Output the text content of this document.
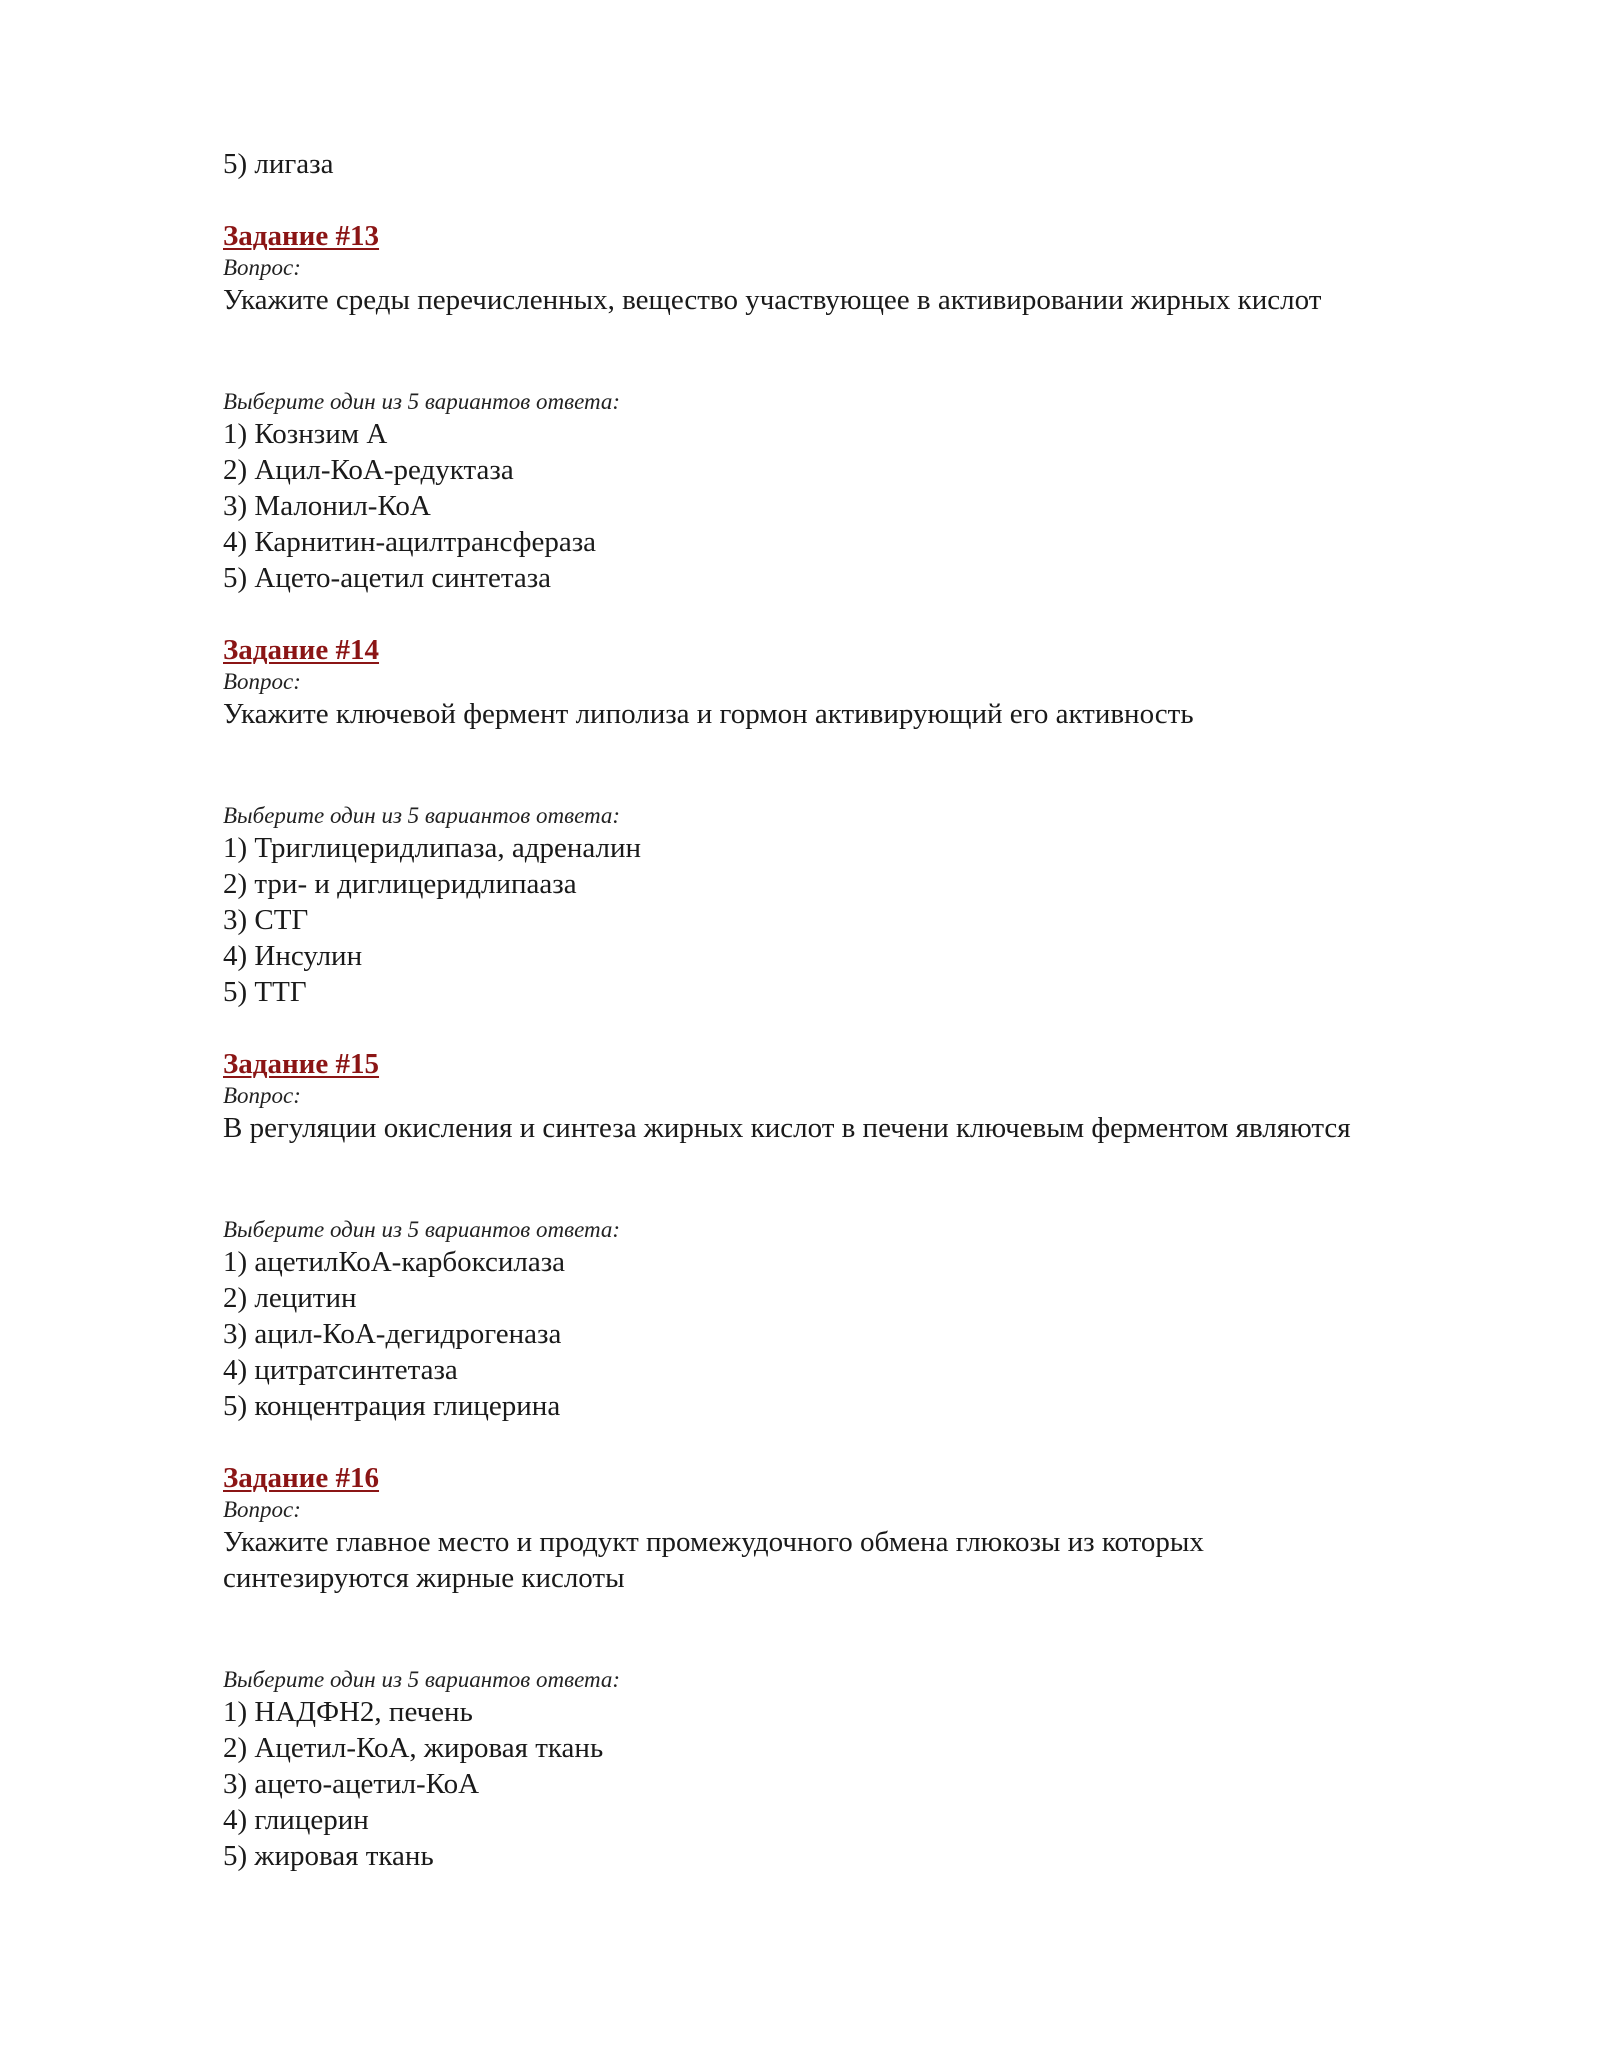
5) лигаза

Задание #13
Вопрос:
Укажите среды перечисленных, вещество участвующее в активировании жирных кислот
Выберите один из 5 вариантов ответа:
1) Кознзим А
2) Ацил-КоА-редуктаза
3) Малонил-КоА
4) Карнитин-ацилтрансфераза
5) Ацето-ацетил синтетаза
Задание #14
Вопрос:
Укажите ключевой фермент липолиза и гормон активирующий его активность
Выберите один из 5 вариантов ответа:
1) Триглицеридлипаза, адреналин
2) три- и диглицеридлипааза
3) СТГ
4) Инсулин
5) ТТГ
Задание #15
Вопрос:
В регуляции окисления и синтеза жирных кислот в печени ключевым ферментом являются
Выберите один из 5 вариантов ответа:
1) ацетилКоА-карбоксилаза
2) лецитин
3) ацил-КоА-дегидрогеназа
4) цитратсинтетаза
5) концентрация глицерина
Задание #16
Вопрос:
Укажите главное место и продукт промежудочного обмена глюкозы из которых синтезируются жирные кислоты
Выберите один из 5 вариантов ответа:
1) НАДФН2, печень
2) Ацетил-КоА, жировая ткань
3) ацето-ацетил-КоА
4) глицерин
5) жировая ткань
